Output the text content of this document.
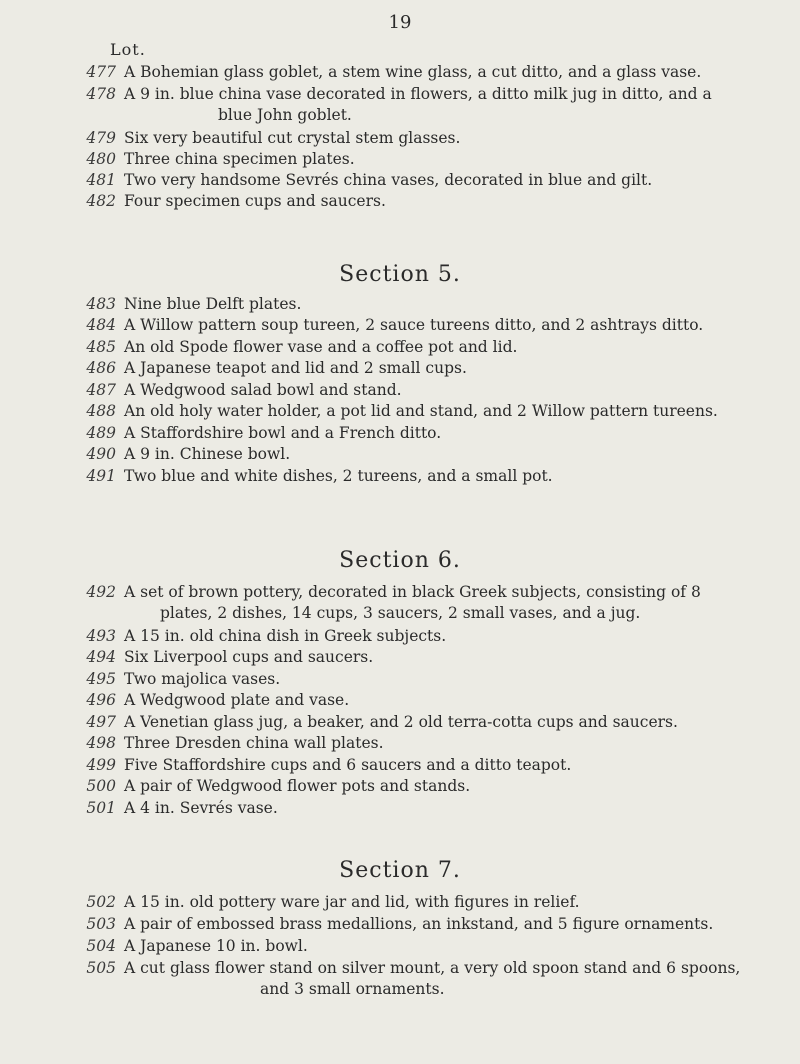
19
Lot.
477 A Bohemian glass goblet, a stem wine glass, a cut ditto, and a glass vase.
478 A 9 in. blue china vase decorated in flowers, a ditto milk jug in ditto, and a
blue John goblet.
479 Six very beautiful cut crystal stem glasses.
480 Three china specimen plates.
481 Two very handsome Sevrés china vases, decorated in blue and gilt.
482 Four specimen cups and saucers.
Section 5.
483 Nine blue Delft plates.
484 A Willow pattern soup tureen, 2 sauce tureens ditto, and 2 ashtrays ditto.
485 An old Spode flower vase and a coffee pot and lid.
486 A Japanese teapot and lid and 2 small cups.
487 A Wedgwood salad bowl and stand.
488 An old holy water holder, a pot lid and stand, and 2 Willow pattern tureens.
489 A Staffordshire bowl and a French ditto.
490 A 9 in. Chinese bowl.
491 Two blue and white dishes, 2 tureens, and a small pot.
Section 6.
492 A set of brown pottery, decorated in black Greek subjects, consisting of 8
plates, 2 dishes, 14 cups, 3 saucers, 2 small vases, and a jug.
493 A 15 in. old china dish in Greek subjects.
494 Six Liverpool cups and saucers.
495 Two majolica vases.
496 A Wedgwood plate and vase.
497 A Venetian glass jug, a beaker, and 2 old terra-cotta cups and saucers.
498 Three Dresden china wall plates.
499 Five Staffordshire cups and 6 saucers and a ditto teapot.
500 A pair of Wedgwood flower pots and stands.
501 A 4 in. Sevrés vase.
Section 7.
502 A 15 in. old pottery ware jar and lid, with figures in relief.
503 A pair of embossed brass medallions, an inkstand, and 5 figure ornaments.
504 A Japanese 10 in. bowl.
505 A cut glass flower stand on silver mount, a very old spoon stand and 6 spoons,
and 3 small ornaments.
